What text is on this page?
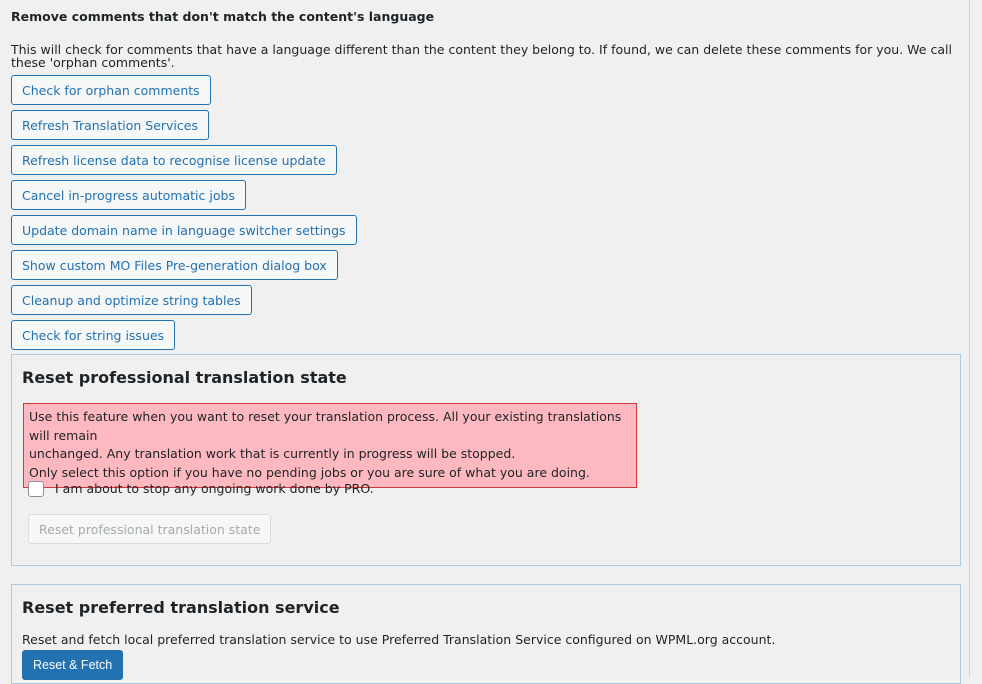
Remove comments that don't match the content's language
This will check for comments that have a language different than the content they belong to. If found, we can delete these comments for you. We call these 'orphan comments'.
Check for orphan comments
Refresh Translation Services
Refresh license data to recognise license update
Cancel in-progress automatic jobs
Update domain name in language switcher settings
Show custom MO Files Pre-generation dialog box
Cleanup and optimize string tables
Check for string issues
Reset professional translation state
Use this feature when you want to reset your translation process. All your existing translations will remain
unchanged. Any translation work that is currently in progress will be stopped.
Only select this option if you have no pending jobs or you are sure of what you are doing.
I am about to stop any ongoing work done by PRO.
Reset professional translation state
Reset preferred translation service
Reset and fetch local preferred translation service to use Preferred Translation Service configured on WPML.org account.
Reset & Fetch
